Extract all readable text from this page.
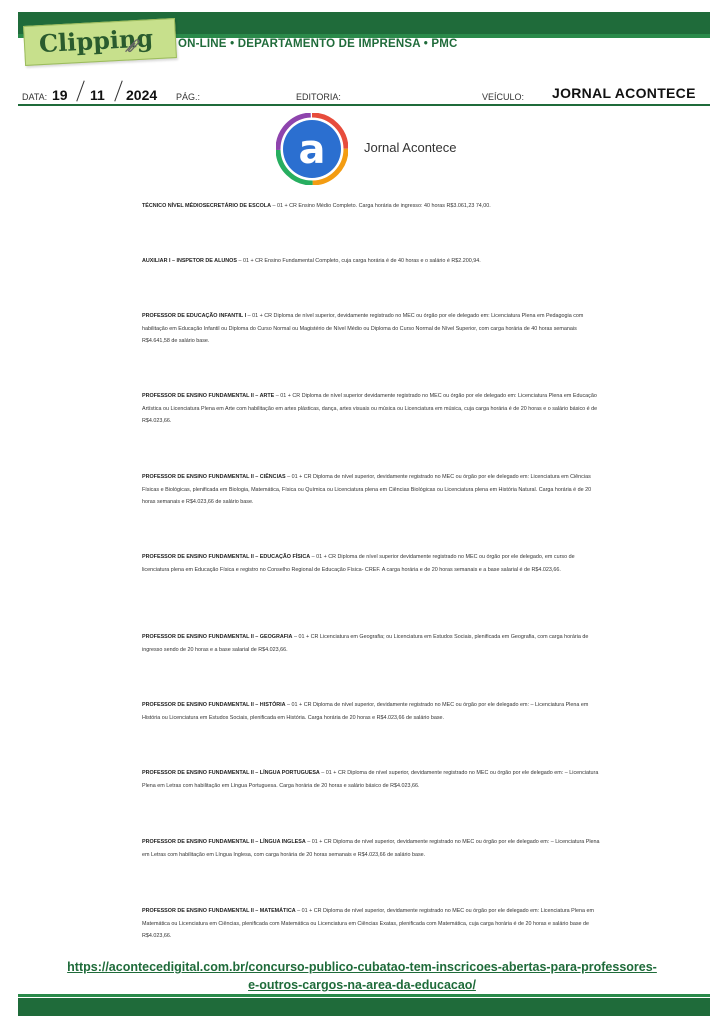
Clipping ON-LINE • DEPARTAMENTO DE IMPRENSA • PMC
DATA: 19 11 2024 PÁG.:	EDITORIA:	VEÍCULO: JORNAL ACONTECE
a	Jornal Acontece
TÉCNICO NÍVEL MÉDIOSECRETÁRIO DE ESCOLA – 01 + CR Ensino Médio Completo. Carga horária de ingresso: 40 horas R$3.061,23 74,00.
AUXILIAR I – INSPETOR DE ALUNOS – 01 + CR Ensino Fundamental Completo, cuja carga horária é de 40 horas e o salário é R$2.200,94.
PROFESSOR DE EDUCAÇÃO INFANTIL I – 01 + CR Diploma de nível superior, devidamente registrado no MEC ou órgão por ele delegado em: Licenciatura Plena em Pedagogia com habilitação em Educação Infantil ou Diploma do Curso Normal ou Magistério de Nível Médio ou Diploma do Curso Normal de Nível Superior, com carga horária de 40 horas semanais R$4.641,58 de salário base.
PROFESSOR DE ENSINO FUNDAMENTAL II – ARTE – 01 + CR Diploma de nível superior devidamente registrado no MEC ou órgão por ele delegado em: Licenciatura Plena em Educação Artística ou Licenciatura Plena em Arte com habilitação em artes plásticas, dança, artes visuais ou música ou Licenciatura em música, cuja carga horária é de 20 horas e o salário básico é de R$4.023,66.
PROFESSOR DE ENSINO FUNDAMENTAL II – CIÊNCIAS – 01 + CR Diploma de nível superior, devidamente registrado no MEC ou órgão por ele delegado em: Licenciatura em Ciências Físicas e Biológicas, plenificada em Biologia, Matemática, Física ou Química ou Licenciatura plena em Ciências Biológicas ou Licenciatura plena em História Natural. Carga horária é de 20 horas semanais e R$4.023,66 de salário base.
PROFESSOR DE ENSINO FUNDAMENTAL II – EDUCAÇÃO FÍSICA – 01 + CR Diploma de nível superior devidamente registrado no MEC ou órgão por ele delegado, em curso de licenciatura plena em Educação Física e registro no Conselho Regional de Educação Física- CREF. A carga horária e de 20 horas semanais e a base salarial é de R$4.023,66.
PROFESSOR DE ENSINO FUNDAMENTAL II – GEOGRAFIA – 01 + CR Licenciatura em Geografia; ou Licenciatura em Estudos Sociais, plenificada em Geografia, com carga horária de ingresso sendo de 20 horas e a base salarial de R$4.023,66.
PROFESSOR DE ENSINO FUNDAMENTAL II – HISTÓRIA – 01 + CR Diploma de nível superior, devidamente registrado no MEC ou órgão por ele delegado em: – Licenciatura Plena em História ou Licenciatura em Estudos Sociais, plenificada em História. Carga horária de 20 horas e R$4.023,66 de salário base.
PROFESSOR DE ENSINO FUNDAMENTAL II – LÍNGUA PORTUGUESA – 01 + CR Diploma de nível superior, devidamente registrado no MEC ou órgão por ele delegado em: – Licenciatura Plena em Letras com habilitação em Língua Portuguesa. Carga horária de 20 horas e salário básico de R$4.023,66.
PROFESSOR DE ENSINO FUNDAMENTAL II – LÍNGUA INGLESA – 01 + CR Diploma de nível superior, devidamente registrado no MEC ou órgão por ele delegado em: – Licenciatura Plena em Letras com habilitação em Língua Inglesa, com carga horária de 20 horas semanais e R$4.023,66 de salário base.
PROFESSOR DE ENSINO FUNDAMENTAL II – MATEMÁTICA – 01 + CR Diploma de nível superior, devidamente registrado no MEC ou órgão por ele delegado em: Licenciatura Plena em Matemática ou Licenciatura em Ciências, plenificada com Matemática ou Licenciatura em Ciências Exatas, plenificada com Matemática, cuja carga horária é de 20 horas e salário base de R$4.023,66.
https://acontecedigital.com.br/concurso-publico-cubatao-tem-inscricoes-abertas-para-professores-
e-outros-cargos-na-area-da-educacao/
